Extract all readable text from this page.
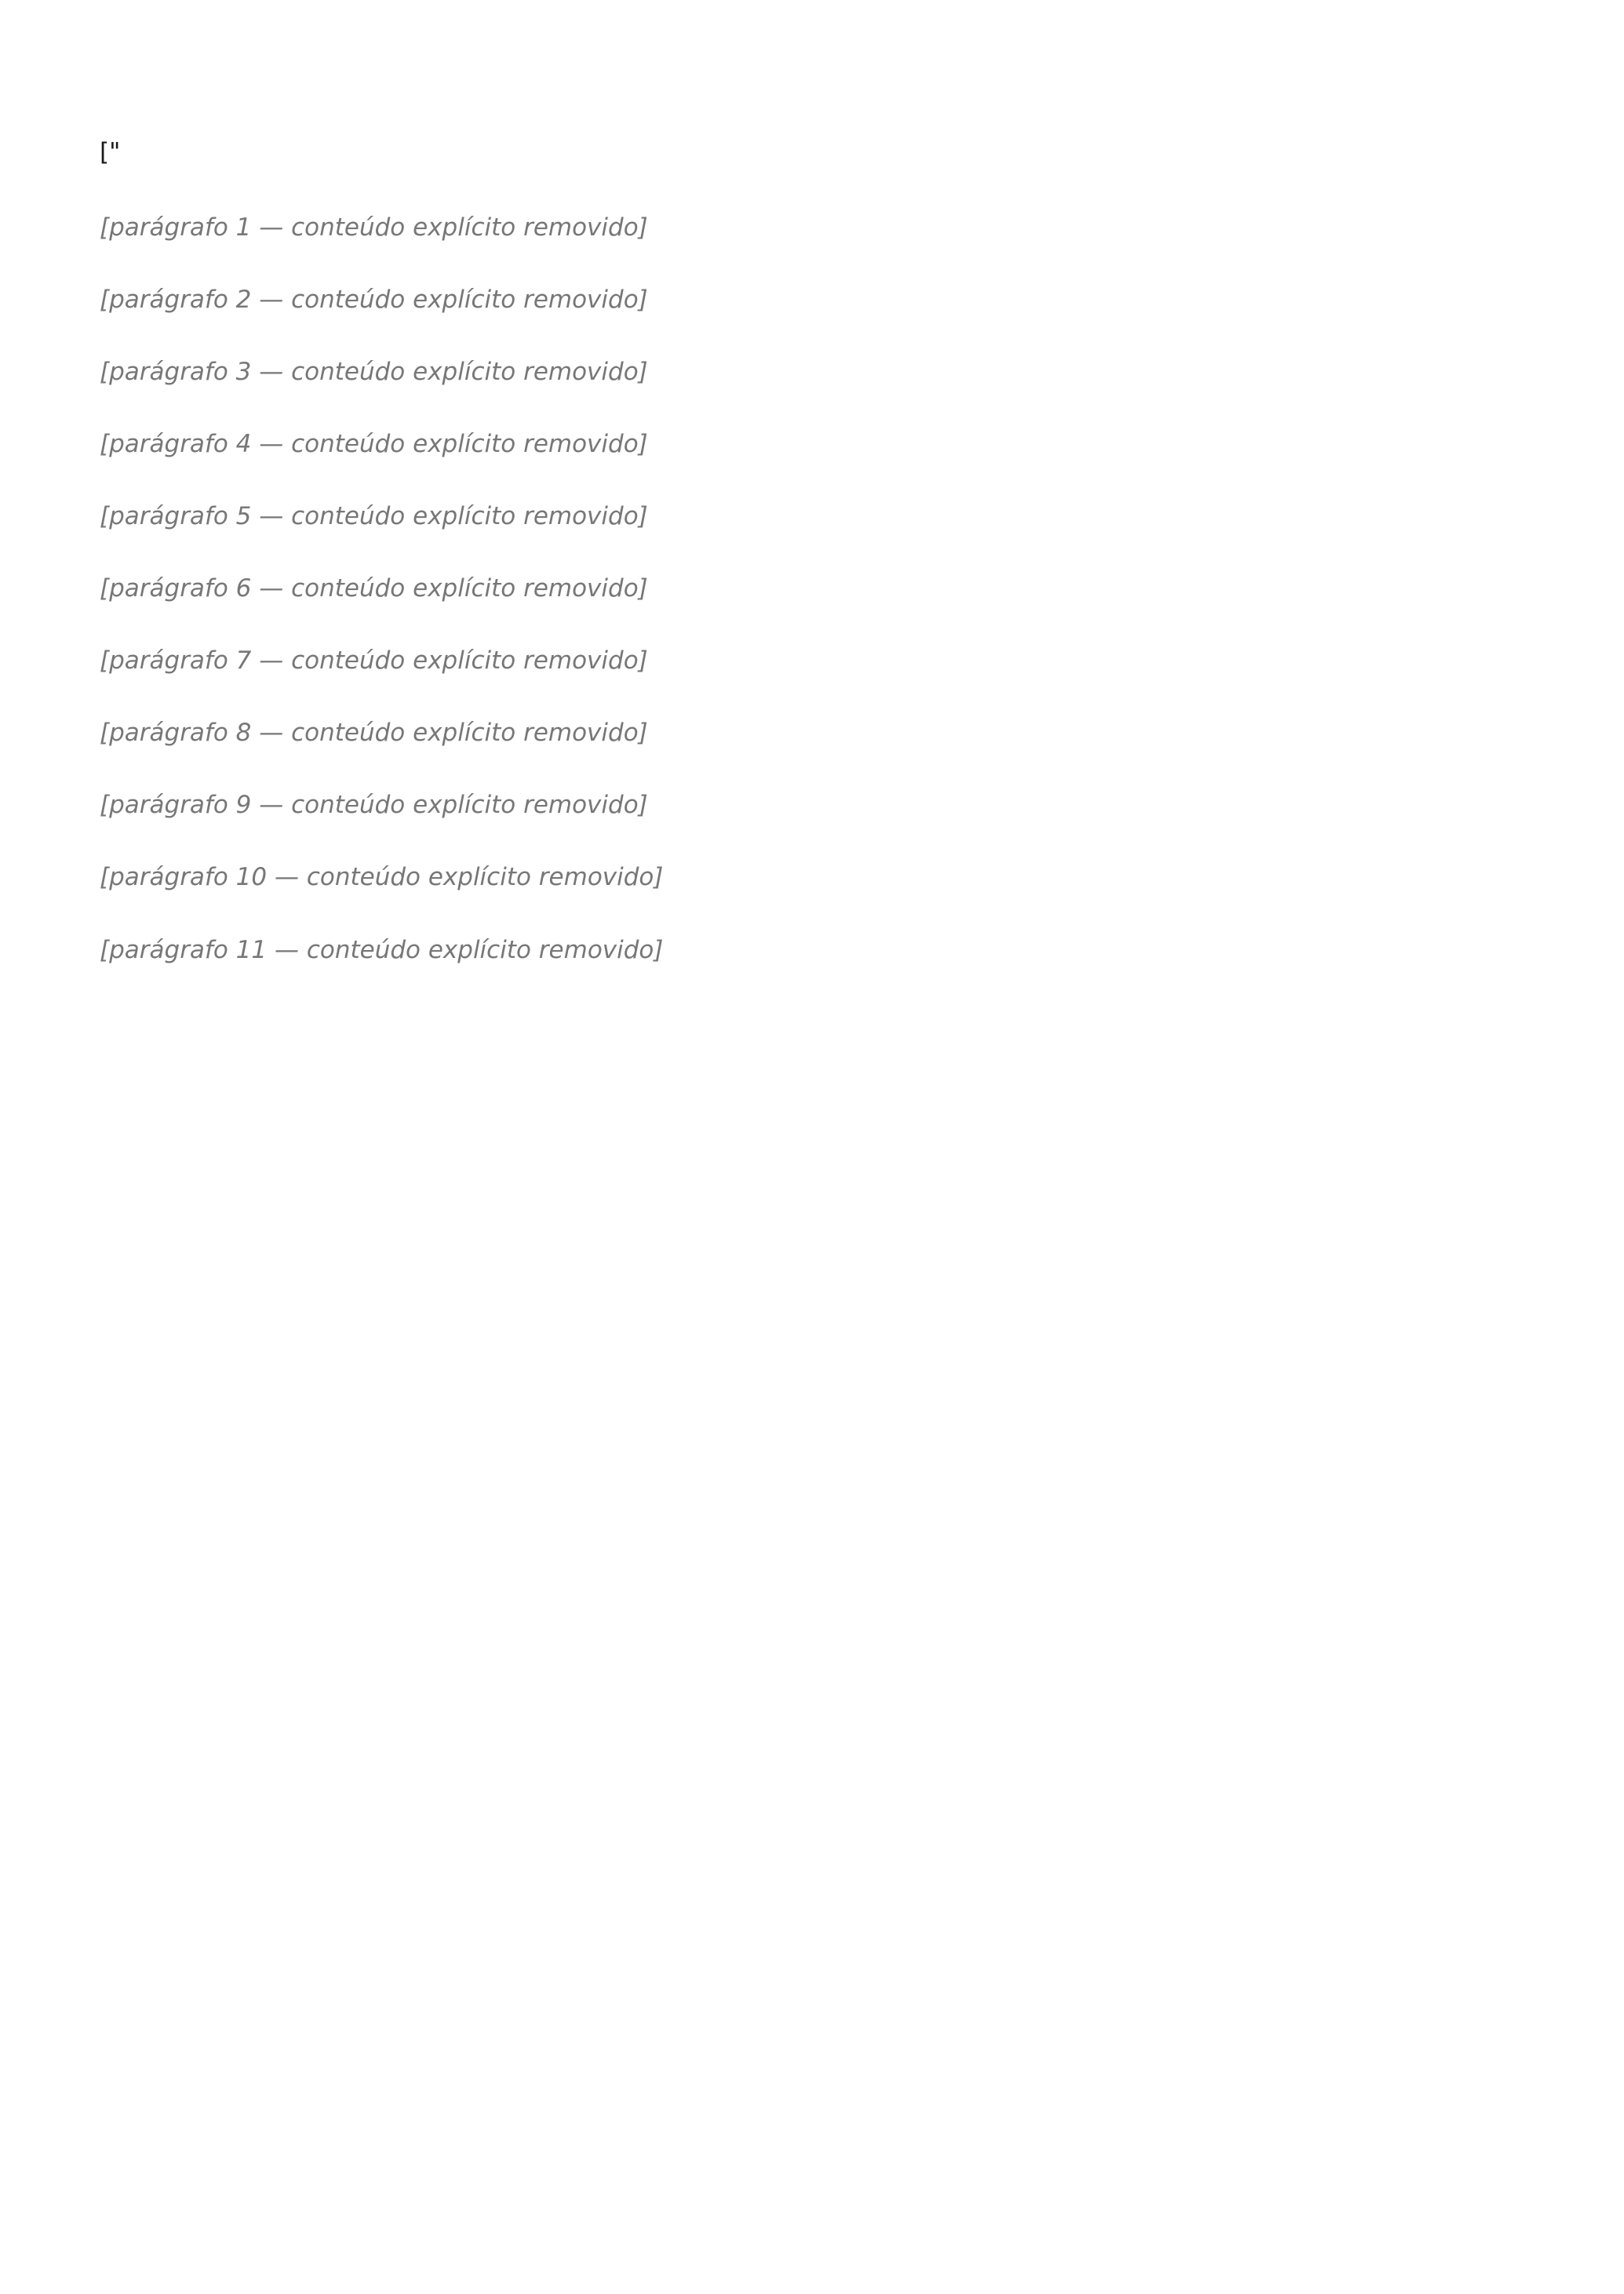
["

[parágrafo 1 — conteúdo explícito removido]

[parágrafo 2 — conteúdo explícito removido]

[parágrafo 3 — conteúdo explícito removido]

[parágrafo 4 — conteúdo explícito removido]

[parágrafo 5 — conteúdo explícito removido]

[parágrafo 6 — conteúdo explícito removido]

[parágrafo 7 — conteúdo explícito removido]

[parágrafo 8 — conteúdo explícito removido]

[parágrafo 9 — conteúdo explícito removido]

[parágrafo 10 — conteúdo explícito removido]

[parágrafo 11 — conteúdo explícito removido]
